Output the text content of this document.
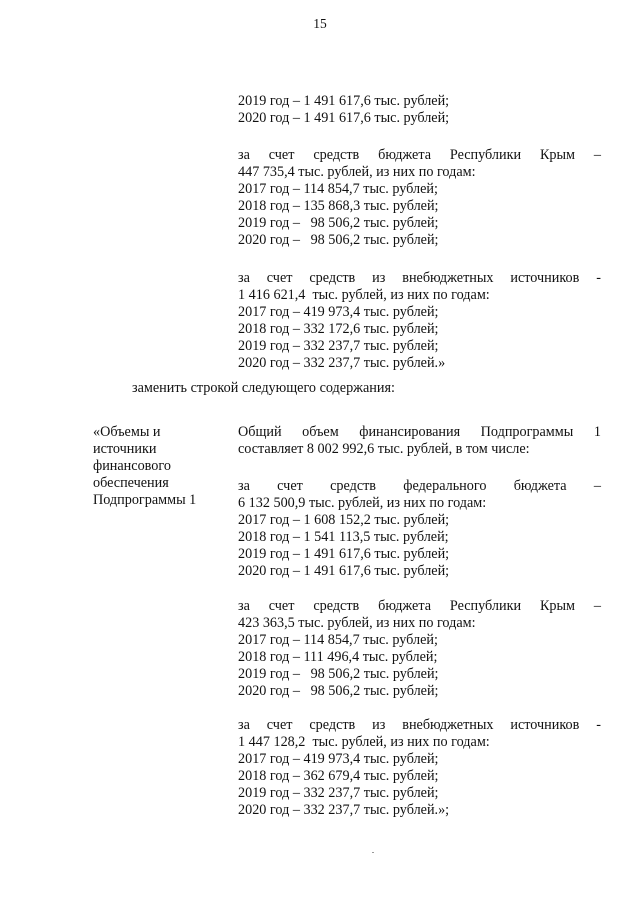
15
2019 год – 1 491 617,6 тыс. рублей;
2020 год – 1 491 617,6 тыс. рублей;
за счет средств бюджета Республики Крым –
447 735,4 тыс. рублей, из них по годам:
2017 год – 114 854,7 тыс. рублей;
2018 год – 135 868,3 тыс. рублей;
2019 год –   98 506,2 тыс. рублей;
2020 год –   98 506,2 тыс. рублей;
за счет средств из внебюджетных источников -
1 416 621,4  тыс. рублей, из них по годам:
2017 год – 419 973,4 тыс. рублей;
2018 год – 332 172,6 тыс. рублей;
2019 год – 332 237,7 тыс. рублей;
2020 год – 332 237,7 тыс. рублей.»
заменить строкой следующего содержания:
«Объемы и
источники
финансового
обеспечения
Подпрограммы 1
Общий объем финансирования Подпрограммы 1
составляет 8 002 992,6 тыс. рублей, в том числе:
за счет средств федерального бюджета –
6 132 500,9 тыс. рублей, из них по годам:
2017 год – 1 608 152,2 тыс. рублей;
2018 год – 1 541 113,5 тыс. рублей;
2019 год – 1 491 617,6 тыс. рублей;
2020 год – 1 491 617,6 тыс. рублей;
за счет средств бюджета Республики Крым –
423 363,5 тыс. рублей, из них по годам:
2017 год – 114 854,7 тыс. рублей;
2018 год – 111 496,4 тыс. рублей;
2019 год –   98 506,2 тыс. рублей;
2020 год –   98 506,2 тыс. рублей;
за счет средств из внебюджетных источников -
1 447 128,2  тыс. рублей, из них по годам:
2017 год – 419 973,4 тыс. рублей;
2018 год – 362 679,4 тыс. рублей;
2019 год – 332 237,7 тыс. рублей;
2020 год – 332 237,7 тыс. рублей.»;
